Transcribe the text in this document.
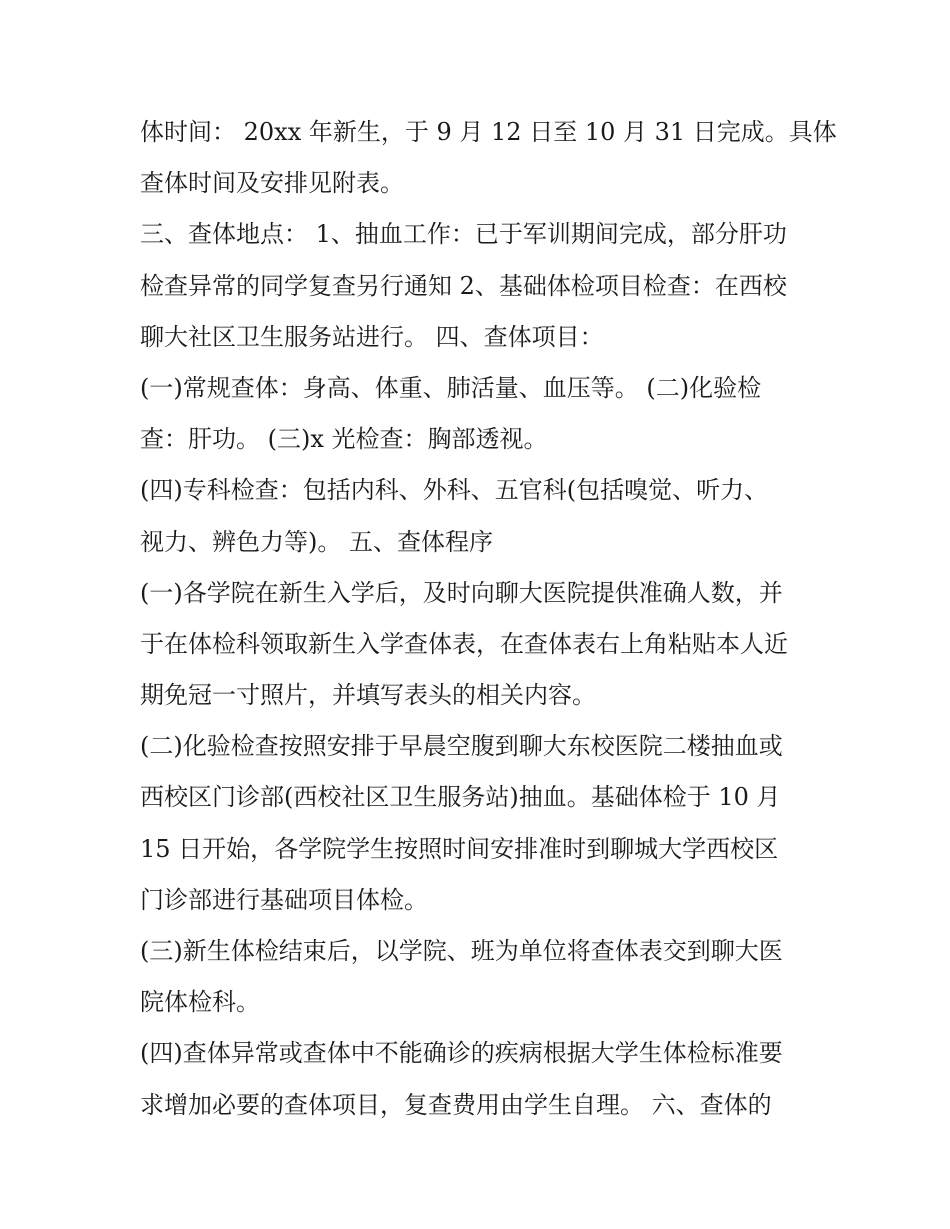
体时间： 20xx 年新生，于 9 月 12 日至 10 月 31 日完成。具体
查体时间及安排见附表。
三、查体地点： 1、抽血工作：已于军训期间完成，部分肝功
检查异常的同学复查另行通知 2、基础体检项目检查：在西校
聊大社区卫生服务站进行。 四、查体项目：
(一)常规查体：身高、体重、肺活量、血压等。 (二)化验检
查：肝功。 (三)x 光检查：胸部透视。
(四)专科检查：包括内科、外科、五官科(包括嗅觉、听力、
视力、辨色力等)。 五、查体程序
(一)各学院在新生入学后，及时向聊大医院提供准确人数，并
于在体检科领取新生入学查体表，在查体表右上角粘贴本人近
期免冠一寸照片，并填写表头的相关内容。
(二)化验检查按照安排于早晨空腹到聊大东校医院二楼抽血或
西校区门诊部(西校社区卫生服务站)抽血。基础体检于 10 月
15 日开始，各学院学生按照时间安排准时到聊城大学西校区
门诊部进行基础项目体检。
(三)新生体检结束后，以学院、班为单位将查体表交到聊大医
院体检科。
(四)查体异常或查体中不能确诊的疾病根据大学生体检标准要
求增加必要的查体项目，复查费用由学生自理。 六、查体的
